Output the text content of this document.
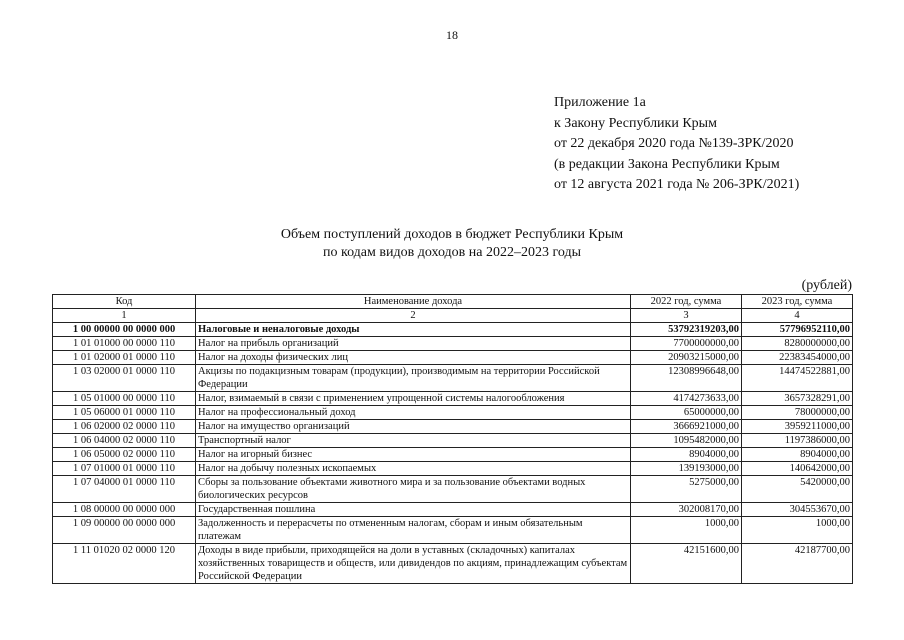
18
Приложение 1а
к Закону Республики Крым
от 22 декабря 2020 года №139-ЗРК/2020
(в редакции Закона Республики Крым
от 12 августа 2021 года № 206-ЗРК/2021)
Объем поступлений доходов в бюджет Республики Крым
по кодам видов доходов на 2022–2023 годы
(рублей)
Код	Наименование дохода	2022 год, сумма	2023 год, сумма
1	2	3	4
1 00 00000 00 0000 000	Налоговые и неналоговые доходы	53792319203,00	57796952110,00
1 01 01000 00 0000 110	Налог на прибыль организаций	7700000000,00	8280000000,00
1 01 02000 01 0000 110	Налог на доходы физических лиц	20903215000,00	22383454000,00
1 03 02000 01 0000 110	Акцизы по подакцизным товарам (продукции), производимым на территории Российской Федерации	12308996648,00	14474522881,00
1 05 01000 00 0000 110	Налог, взимаемый в связи с применением упрощенной системы налогообложения	4174273633,00	3657328291,00
1 05 06000 01 0000 110	Налог на профессиональный доход	65000000,00	78000000,00
1 06 02000 02 0000 110	Налог на имущество организаций	3666921000,00	3959211000,00
1 06 04000 02 0000 110	Транспортный налог	1095482000,00	1197386000,00
1 06 05000 02 0000 110	Налог на игорный бизнес	8904000,00	8904000,00
1 07 01000 01 0000 110	Налог на добычу полезных ископаемых	139193000,00	140642000,00
1 07 04000 01 0000 110	Сборы за пользование объектами животного мира и за пользование объектами водных биологических ресурсов	5275000,00	5420000,00
1 08 00000 00 0000 000	Государственная пошлина	302008170,00	304553670,00
1 09 00000 00 0000 000	Задолженность и перерасчеты по отмененным налогам, сборам и иным обязательным платежам	1000,00	1000,00
1 11 01020 02 0000 120	Доходы в виде прибыли, приходящейся на доли в уставных (складочных) капиталах хозяйственных товариществ и обществ, или дивидендов по акциям, принадлежащим субъектам Российской Федерации	42151600,00	42187700,00
